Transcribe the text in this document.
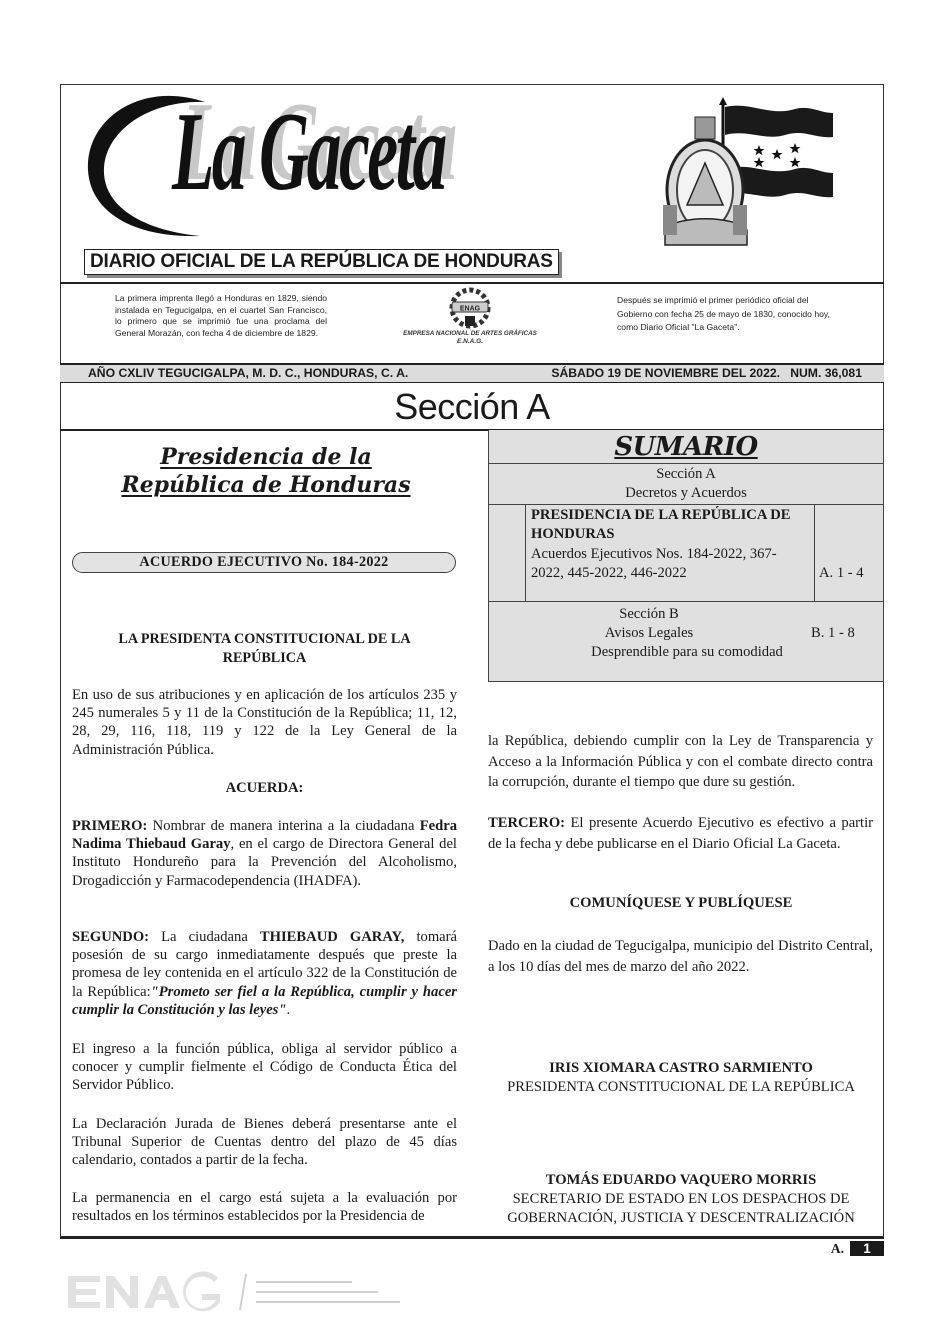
La Gaceta
DIARIO OFICIAL DE LA REPÚBLICA DE HONDURAS
La primera imprenta llegó a Honduras en 1829, siendo instalada en Tegucigalpa, en el cuartel San Francisco, lo primero que se imprimió fue una proclama del General Morazán, con fecha 4 de diciembre de 1829.
ENAG
EMPRESA NACIONAL DE ARTES GRÁFICAS
E.N.A.G.
Después se imprimió el primer periódico oficial del Gobierno con fecha 25 de mayo de 1830, conocido hoy, como Diario Oficial "La Gaceta".
AÑO CXLIV TEGUCIGALPA, M. D. C., HONDURAS, C. A.	SÁBADO 19 DE NOVIEMBRE DEL 2022. NUM. 36,081
Sección A
Presidencia de la
República de Honduras
ACUERDO EJECUTIVO No. 184-2022
LA PRESIDENTA CONSTITUCIONAL DE LA REPÚBLICA
En uso de sus atribuciones y en aplicación de los artículos 235 y 245 numerales 5 y 11 de la Constitución de la República; 11, 12, 28, 29, 116, 118, 119 y 122 de la Ley General de la Administración Pública.
ACUERDA:
PRIMERO: Nombrar de manera interina a la ciudadana Fedra Nadima Thiebaud Garay, en el cargo de Directora General del Instituto Hondureño para la Prevención del Alcoholismo, Drogadicción y Farmacodependencia (IHADFA).
SEGUNDO: La ciudadana THIEBAUD GARAY, tomará posesión de su cargo inmediatamente después que preste la promesa de ley contenida en el artículo 322 de la Constitución de la República:"Prometo ser fiel a la República, cumplir y hacer cumplir la Constitución y las leyes".
El ingreso a la función pública, obliga al servidor público a conocer y cumplir fielmente el Código de Conducta Ética del Servidor Público.
La Declaración Jurada de Bienes deberá presentarse ante el Tribunal Superior de Cuentas dentro del plazo de 45 días calendario, contados a partir de la fecha.
La permanencia en el cargo está sujeta a la evaluación por resultados en los términos establecidos por la Presidencia de
SUMARIO
Sección A
Decretos y Acuerdos
PRESIDENCIA DE LA REPÚBLICA DE HONDURAS
Acuerdos Ejecutivos Nos. 184-2022, 367-2022, 445-2022, 446-2022	A. 1 - 4
Sección B
Avisos Legales	B. 1 - 8
Desprendible para su comodidad
la República, debiendo cumplir con la Ley de Transparencia y Acceso a la Información Pública y con el combate directo contra la corrupción, durante el tiempo que dure su gestión.
TERCERO: El presente Acuerdo Ejecutivo es efectivo a partir de la fecha y debe publicarse en el Diario Oficial La Gaceta.
COMUNÍQUESE Y PUBLÍQUESE
Dado en la ciudad de Tegucigalpa, municipio del Distrito Central, a los 10 días del mes de marzo del año 2022.
IRIS XIOMARA CASTRO SARMIENTO
PRESIDENTA CONSTITUCIONAL DE LA REPÚBLICA
TOMÁS EDUARDO VAQUERO MORRIS
SECRETARIO DE ESTADO EN LOS DESPACHOS DE GOBERNACIÓN, JUSTICIA Y DESCENTRALIZACIÓN
A. 1
